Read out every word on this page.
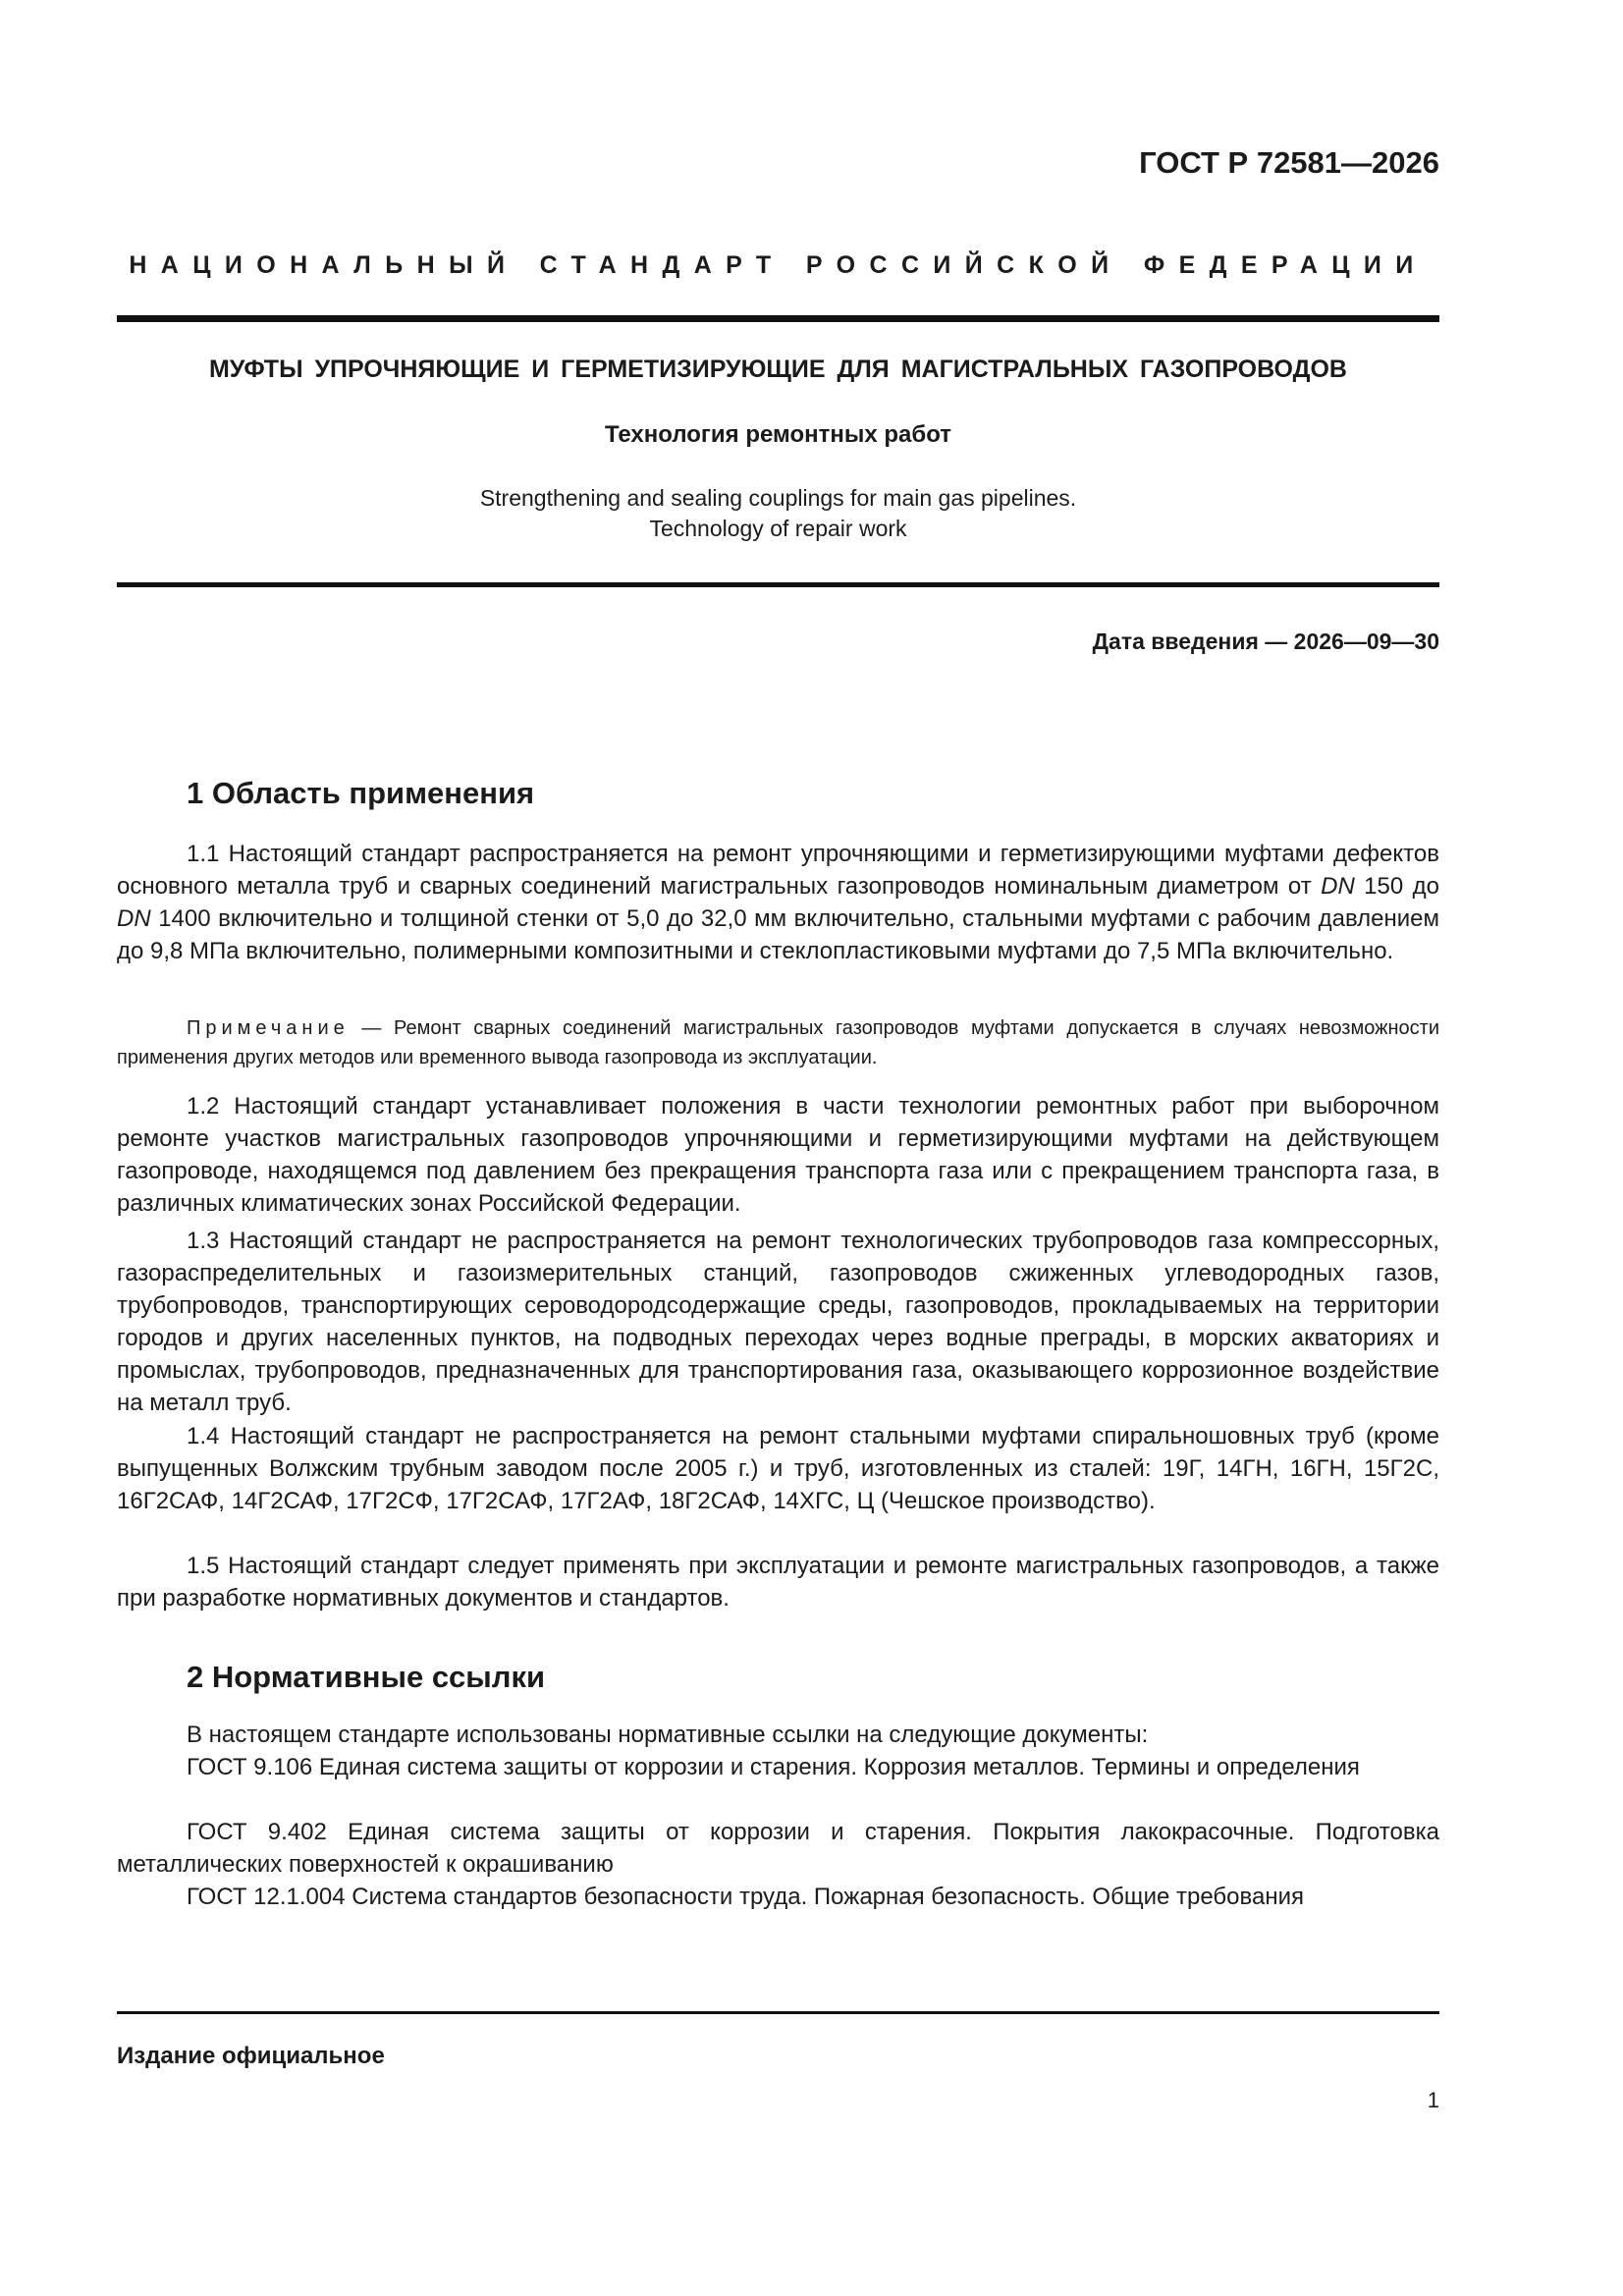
ГОСТ Р 72581—2026
НАЦИОНАЛЬНЫЙ СТАНДАРТ РОССИЙСКОЙ ФЕДЕРАЦИИ
МУФТЫ УПРОЧНЯЮЩИЕ И ГЕРМЕТИЗИРУЮЩИЕ ДЛЯ МАГИСТРАЛЬНЫХ ГАЗОПРОВОДОВ
Технология ремонтных работ
Strengthening and sealing couplings for main gas pipelines.
Technology of repair work
Дата введения — 2026—09—30
1 Область применения

1.1 Настоящий стандарт распространяется на ремонт упрочняющими и герметизирующими муфтами дефектов основного металла труб и сварных соединений магистральных газопроводов номинальным диаметром от DN 150 до DN 1400 включительно и толщиной стенки от 5,0 до 32,0 мм включительно, стальными муфтами с рабочим давлением до 9,8 МПа включительно, полимерными композитными и стеклопластиковыми муфтами до 7,5 МПа включительно.

Примечание — Ремонт сварных соединений магистральных газопроводов муфтами допускается в случаях невозможности применения других методов или временного вывода газопровода из эксплуатации.

1.2 Настоящий стандарт устанавливает положения в части технологии ремонтных работ при выборочном ремонте участков магистральных газопроводов упрочняющими и герметизирующими муфтами на действующем газопроводе, находящемся под давлением без прекращения транспорта газа или с прекращением транспорта газа, в различных климатических зонах Российской Федерации.

1.3 Настоящий стандарт не распространяется на ремонт технологических трубопроводов газа компрессорных, газораспределительных и газоизмерительных станций, газопроводов сжиженных углеводородных газов, трубопроводов, транспортирующих сероводородсодержащие среды, газопроводов, прокладываемых на территории городов и других населенных пунктов, на подводных переходах через водные преграды, в морских акваториях и промыслах, трубопроводов, предназначенных для транспортирования газа, оказывающего коррозионное воздействие на металл труб.

1.4 Настоящий стандарт не распространяется на ремонт стальными муфтами спиральношовных труб (кроме выпущенных Волжским трубным заводом после 2005 г.) и труб, изготовленных из сталей: 19Г, 14ГН, 16ГН, 15Г2С, 16Г2САФ, 14Г2САФ, 17Г2СФ, 17Г2САФ, 17Г2АФ, 18Г2САФ, 14ХГС, Ц (Чешское производство).

1.5 Настоящий стандарт следует применять при эксплуатации и ремонте магистральных газопроводов, а также при разработке нормативных документов и стандартов.

2 Нормативные ссылки

В настоящем стандарте использованы нормативные ссылки на следующие документы:

ГОСТ 9.106 Единая система защиты от коррозии и старения. Коррозия металлов. Термины и определения

ГОСТ 9.402 Единая система защиты от коррозии и старения. Покрытия лакокрасочные. Подготовка металлических поверхностей к окрашиванию

ГОСТ 12.1.004 Система стандартов безопасности труда. Пожарная безопасность. Общие требования

Издание официальное
1
